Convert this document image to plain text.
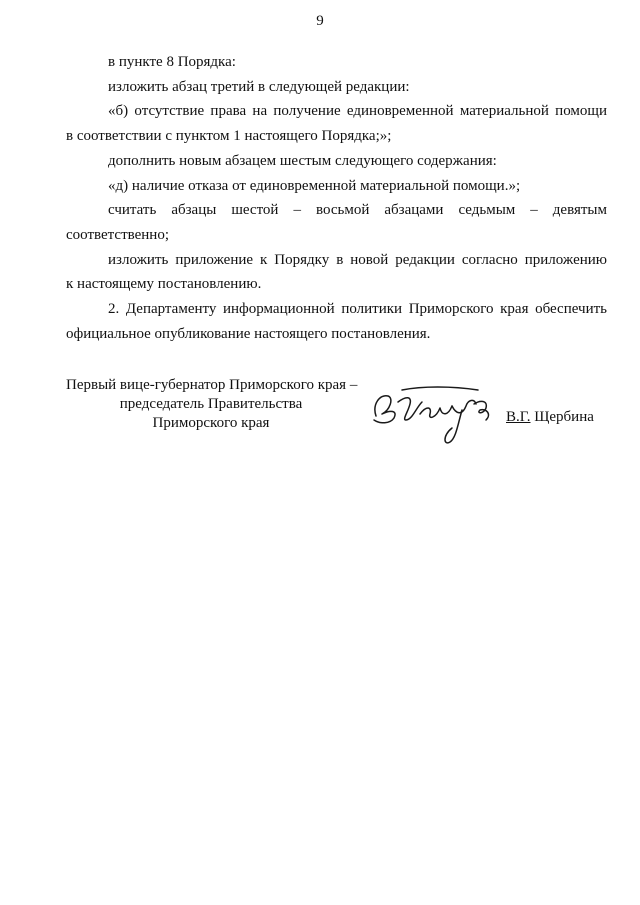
9

в пункте 8 Порядка:

изложить абзац третий в следующей редакции:

«б) отсутствие права на получение единовременной материальной помощи

в соответствии с пунктом 1 настоящего Порядка;»;

дополнить новым абзацем шестым следующего содержания:

«д) наличие отказа от единовременной материальной помощи.»;

считать абзацы шестой – восьмой абзацами седьмым – девятым

соответственно;

изложить приложение к Порядку в новой редакции согласно приложению

к настоящему постановлению.

2. Департаменту информационной политики Приморского края обеспечить

официальное опубликование настоящего постановления.

Первый вице-губернатор Приморского края –
председатель Правительства
Приморского края	В.Г. Щербина
